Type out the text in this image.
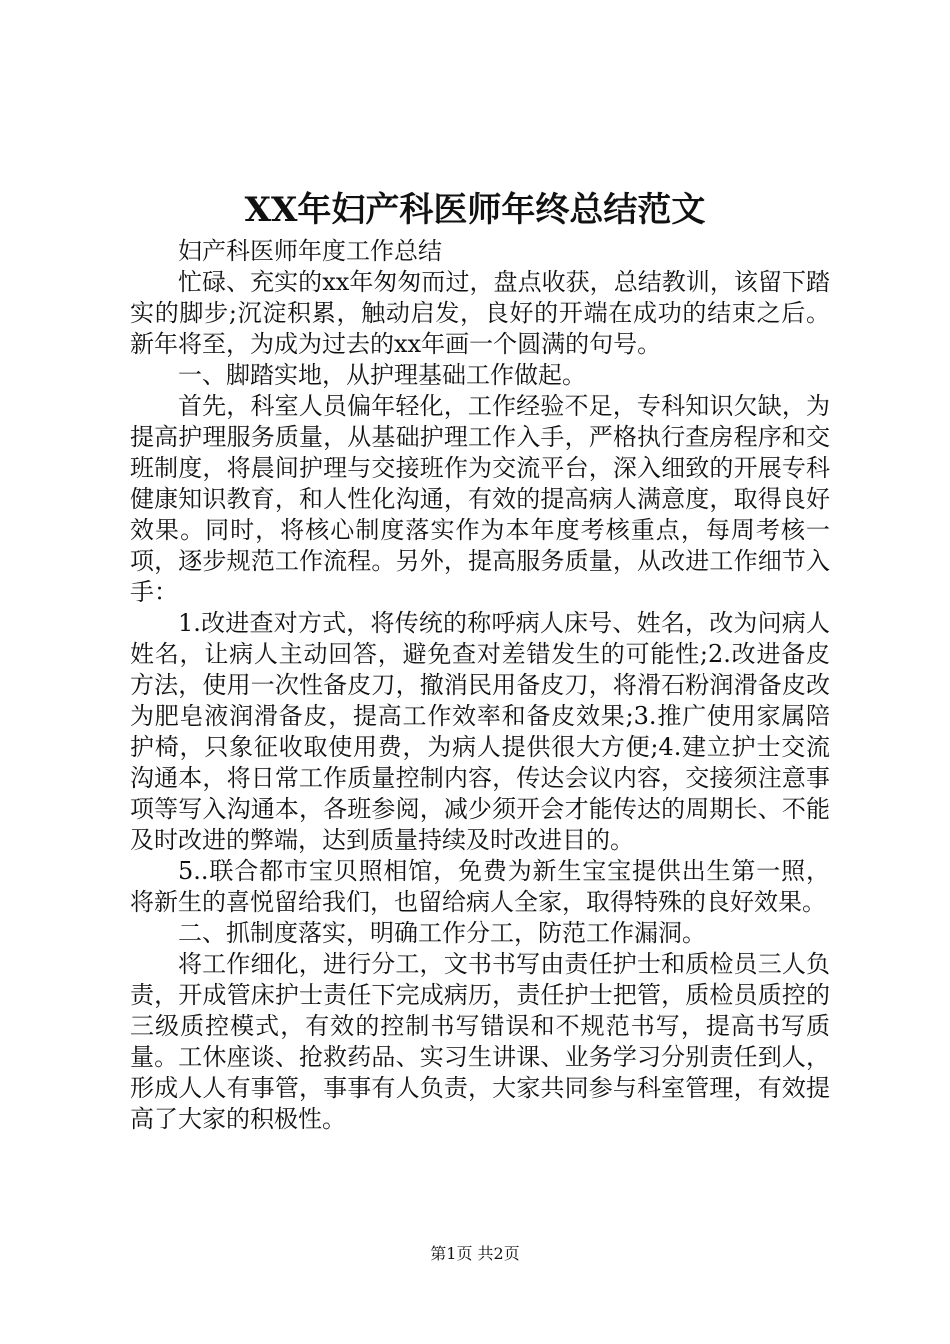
XX年妇产科医师年终总结范文

妇产科医师年度工作总结

忙碌、充实的xx年匆匆而过，盘点收获，总结教训，该留下踏实的脚步;沉淀积累，触动启发，良好的开端在成功的结束之后。新年将至，为成为过去的xx年画一个圆满的句号。

一、脚踏实地，从护理基础工作做起。

首先，科室人员偏年轻化，工作经验不足，专科知识欠缺，为提高护理服务质量，从基础护理工作入手，严格执行查房程序和交班制度，将晨间护理与交接班作为交流平台，深入细致的开展专科健康知识教育，和人性化沟通，有效的提高病人满意度，取得良好效果。同时，将核心制度落实作为本年度考核重点，每周考核一项，逐步规范工作流程。另外，提高服务质量，从改进工作细节入手：

1.改进查对方式，将传统的称呼病人床号、姓名，改为问病人姓名，让病人主动回答，避免查对差错发生的可能性;2.改进备皮方法，使用一次性备皮刀，撤消民用备皮刀，将滑石粉润滑备皮改为肥皂液润滑备皮，提高工作效率和备皮效果;3.推广使用家属陪护椅，只象征收取使用费，为病人提供很大方便;4.建立护士交流沟通本，将日常工作质量控制内容，传达会议内容，交接须注意事项等写入沟通本，各班参阅，减少须开会才能传达的周期长、不能及时改进的弊端，达到质量持续及时改进目的。

5..联合都市宝贝照相馆，免费为新生宝宝提供出生第一照，将新生的喜悦留给我们，也留给病人全家，取得特殊的良好效果。

二、抓制度落实，明确工作分工，防范工作漏洞。

将工作细化，进行分工，文书书写由责任护士和质检员三人负责，开成管床护士责任下完成病历，责任护士把管，质检员质控的三级质控模式，有效的控制书写错误和不规范书写，提高书写质量。工休座谈、抢救药品、实习生讲课、业务学习分别责任到人，形成人人有事管，事事有人负责，大家共同参与科室管理，有效提高了大家的积极性。

第1页 共2页
